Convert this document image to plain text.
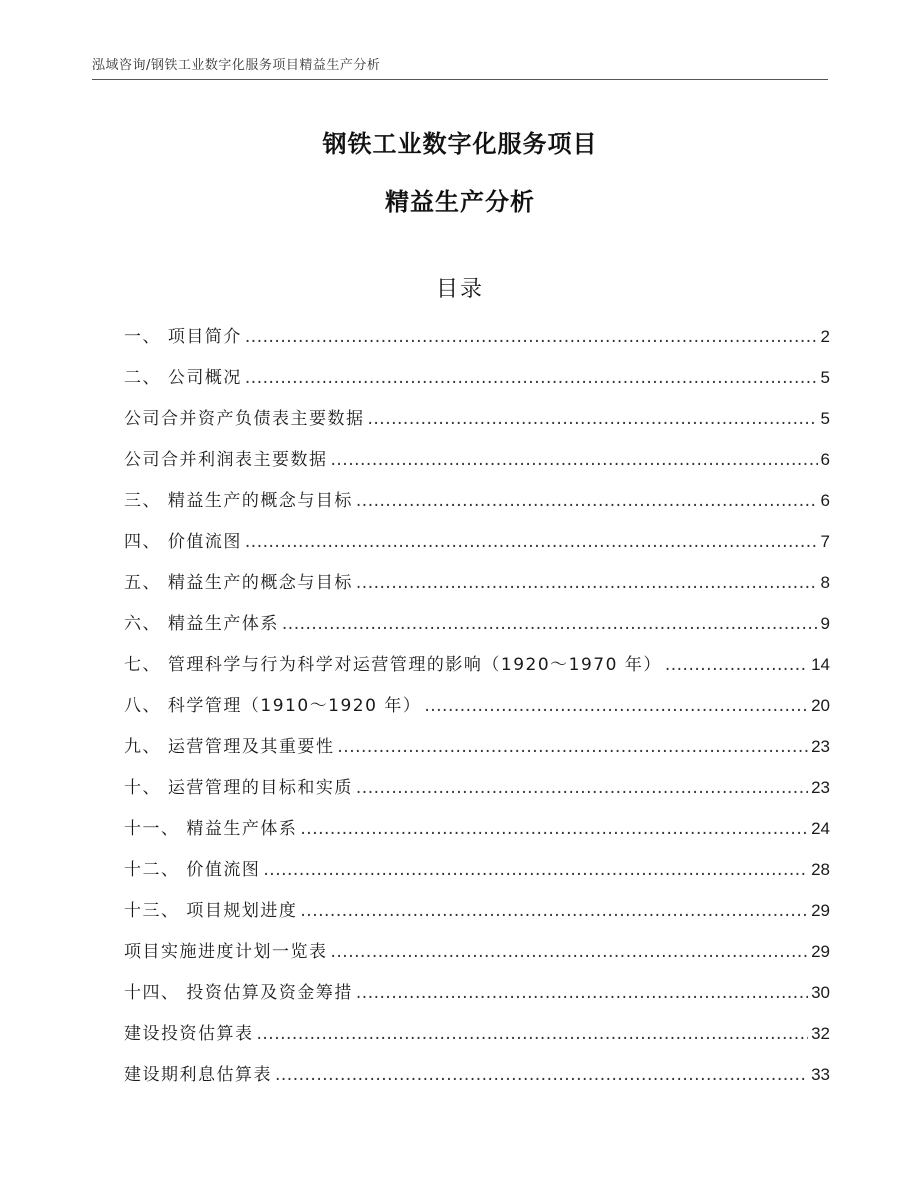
泓域咨询/钢铁工业数字化服务项目精益生产分析
钢铁工业数字化服务项目
精益生产分析
目录
一、 项目简介 .....	2
二、 公司概况 .....	5
公司合并资产负债表主要数据 .....	5
公司合并利润表主要数据 .....	6
三、 精益生产的概念与目标 .....	6
四、 价值流图 .....	7
五、 精益生产的概念与目标 .....	8
六、 精益生产体系 .....	9
七、 管理科学与行为科学对运营管理的影响（1920～1970 年） .....	14
八、 科学管理（1910～1920 年） .....	20
九、 运营管理及其重要性 .....	23
十、 运营管理的目标和实质 .....	23
十一、 精益生产体系 .....	24
十二、 价值流图 .....	28
十三、 项目规划进度 .....	29
项目实施进度计划一览表 .....	29
十四、 投资估算及资金筹措 .....	30
建设投资估算表 .....	32
建设期利息估算表 .....	33
